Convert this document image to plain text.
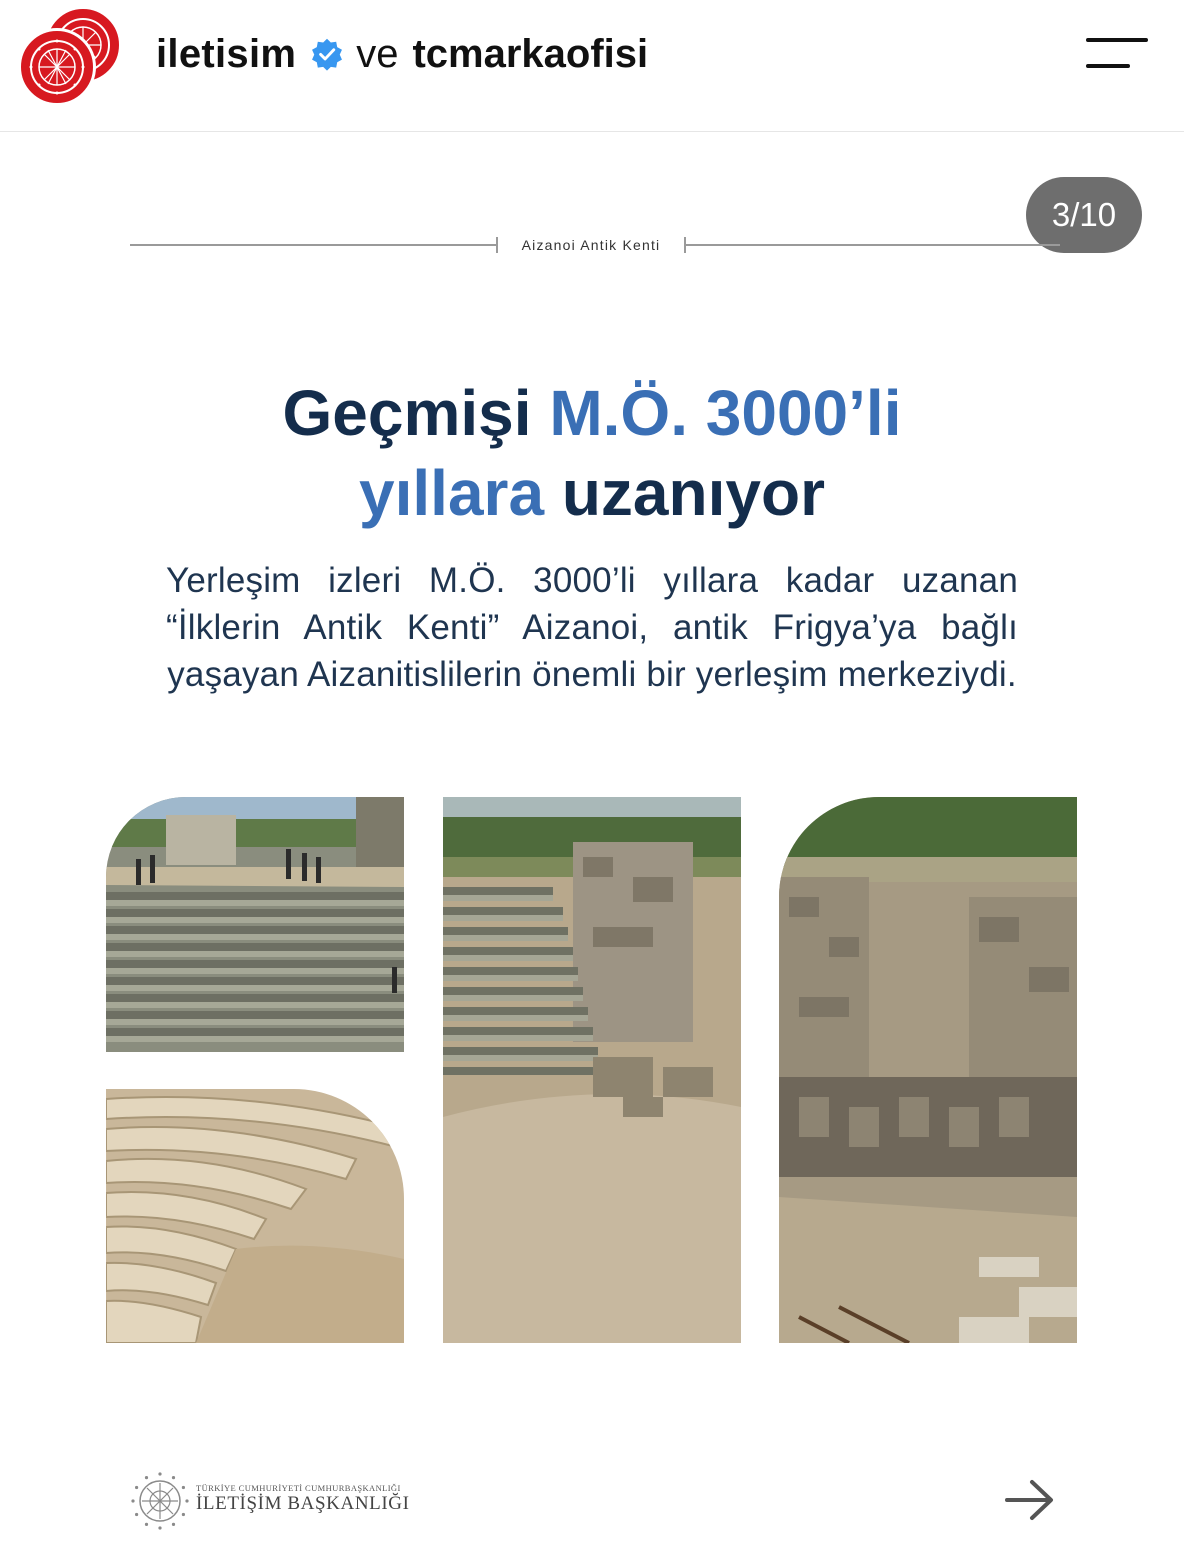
iletisim ve tcmarkaofisi
3/10
Aizanoi Antik Kenti
Geçmişi M.Ö. 3000’li
yıllara uzanıyor
Yerleşim izleri M.Ö. 3000’li yıllara kadar uzanan “İlklerin Antik Kenti” Aizanoi, antik Frigya’ya bağlı yaşayan Aizanitislilerin önemli bir yerleşim merkeziydi.
TÜRKİYE CUMHURİYETİ CUMHURBAŞKANLIĞI
İLETİŞİM BAŞKANLIĞI
